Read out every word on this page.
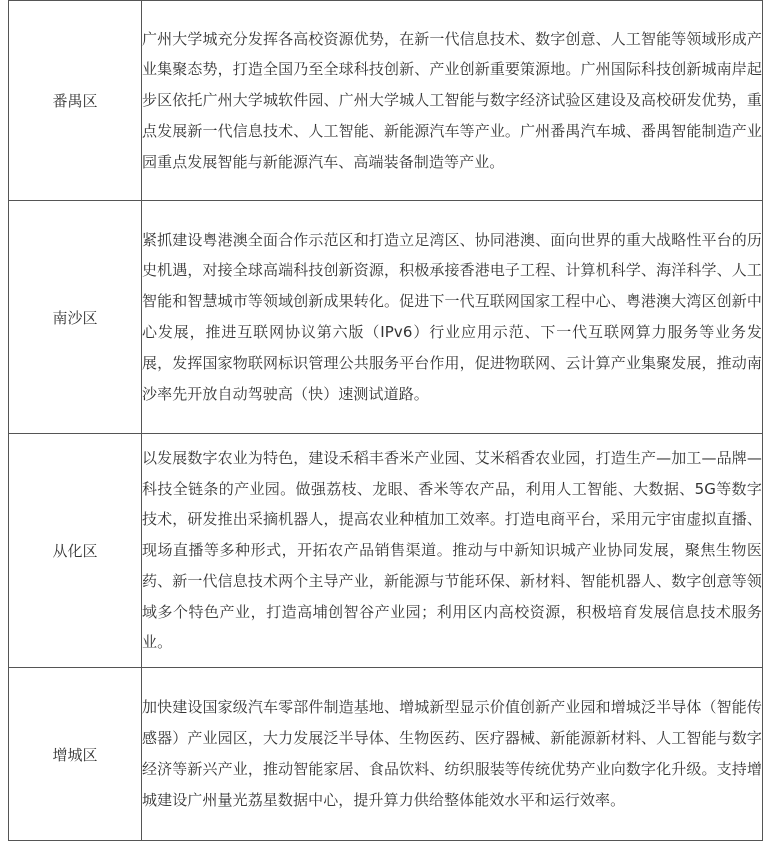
番禺区	广州大学城充分发挥各高校资源优势，在新一代信息技术、数字创意、人工智能等领域形成产业集聚态势，打造全国乃至全球科技创新、产业创新重要策源地。广州国际科技创新城南岸起步区依托广州大学城软件园、广州大学城人工智能与数字经济试验区建设及高校研发优势，重点发展新一代信息技术、人工智能、新能源汽车等产业。广州番禺汽车城、番禺智能制造产业园重点发展智能与新能源汽车、高端装备制造等产业。
南沙区	紧抓建设粤港澳全面合作示范区和打造立足湾区、协同港澳、面向世界的重大战略性平台的历史机遇，对接全球高端科技创新资源，积极承接香港电子工程、计算机科学、海洋科学、人工智能和智慧城市等领域创新成果转化。促进下一代互联网国家工程中心、粤港澳大湾区创新中心发展，推进互联网协议第六版（IPv6）行业应用示范、下一代互联网算力服务等业务发展，发挥国家物联网标识管理公共服务平台作用，促进物联网、云计算产业集聚发展，推动南沙率先开放自动驾驶高（快）速测试道路。
从化区	以发展数字农业为特色，建设禾稻丰香米产业园、艾米稻香农业园，打造生产—加工—品牌—科技全链条的产业园。做强荔枝、龙眼、香米等农产品，利用人工智能、大数据、5G等数字技术，研发推出采摘机器人，提高农业种植加工效率。打造电商平台，采用元宇宙虚拟直播、现场直播等多种形式，开拓农产品销售渠道。推动与中新知识城产业协同发展，聚焦生物医药、新一代信息技术两个主导产业，新能源与节能环保、新材料、智能机器人、数字创意等领域多个特色产业，打造高埔创智谷产业园；利用区内高校资源，积极培育发展信息技术服务业。
增城区	加快建设国家级汽车零部件制造基地、增城新型显示价值创新产业园和增城泛半导体（智能传感器）产业园区，大力发展泛半导体、生物医药、医疗器械、新能源新材料、人工智能与数字经济等新兴产业，推动智能家居、食品饮料、纺织服装等传统优势产业向数字化升级。支持增城建设广州量光荔星数据中心，提升算力供给整体能效水平和运行效率。
